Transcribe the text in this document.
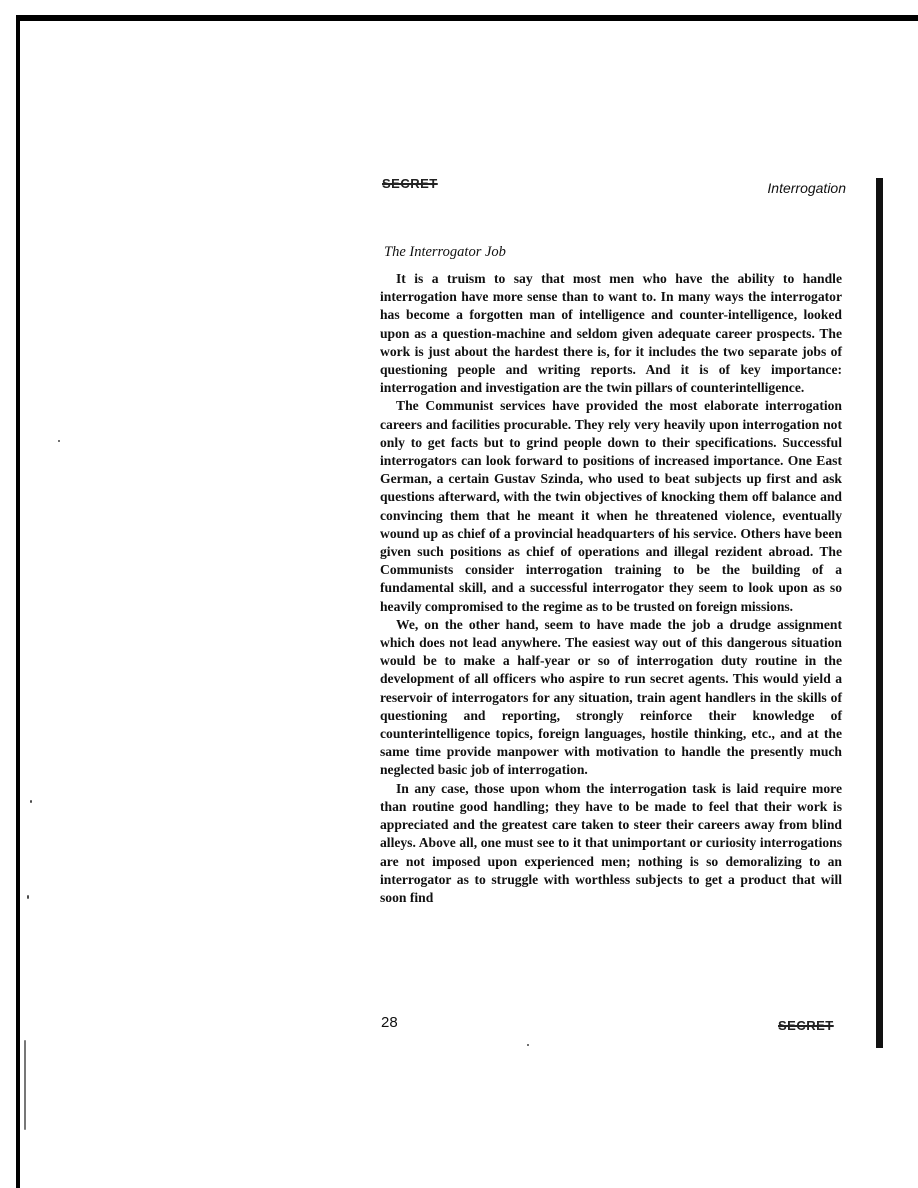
SECRET	Interrogation
The Interrogator Job

It is a truism to say that most men who have the ability to handle interrogation have more sense than to want to. In many ways the interrogator has become a forgotten man of intelligence and counter-intelligence, looked upon as a question-machine and seldom given adequate career prospects. The work is just about the hardest there is, for it includes the two separate jobs of questioning people and writing reports. And it is of key importance: interrogation and investigation are the twin pillars of counterintelligence.

The Communist services have provided the most elaborate interrogation careers and facilities procurable. They rely very heavily upon interrogation not only to get facts but to grind people down to their specifications. Successful interrogators can look forward to positions of increased importance. One East German, a certain Gustav Szinda, who used to beat subjects up first and ask questions afterward, with the twin objectives of knocking them off balance and convincing them that he meant it when he threatened violence, eventually wound up as chief of a provincial headquarters of his service. Others have been given such positions as chief of operations and illegal rezident abroad. The Communists consider interrogation training to be the building of a fundamental skill, and a successful interrogator they seem to look upon as so heavily compromised to the regime as to be trusted on foreign missions.

We, on the other hand, seem to have made the job a drudge assignment which does not lead anywhere. The easiest way out of this dangerous situation would be to make a half-year or so of interrogation duty routine in the development of all officers who aspire to run secret agents. This would yield a reservoir of interrogators for any situation, train agent handlers in the skills of questioning and reporting, strongly reinforce their knowledge of counterintelligence topics, foreign languages, hostile thinking, etc., and at the same time provide manpower with motivation to handle the presently much neglected basic job of interrogation.

In any case, those upon whom the interrogation task is laid require more than routine good handling; they have to be made to feel that their work is appreciated and the greatest care taken to steer their careers away from blind alleys. Above all, one must see to it that unimportant or curiosity interrogations are not imposed upon experienced men; nothing is so demoralizing to an interrogator as to struggle with worthless subjects to get a product that will soon find

28	SECRET
